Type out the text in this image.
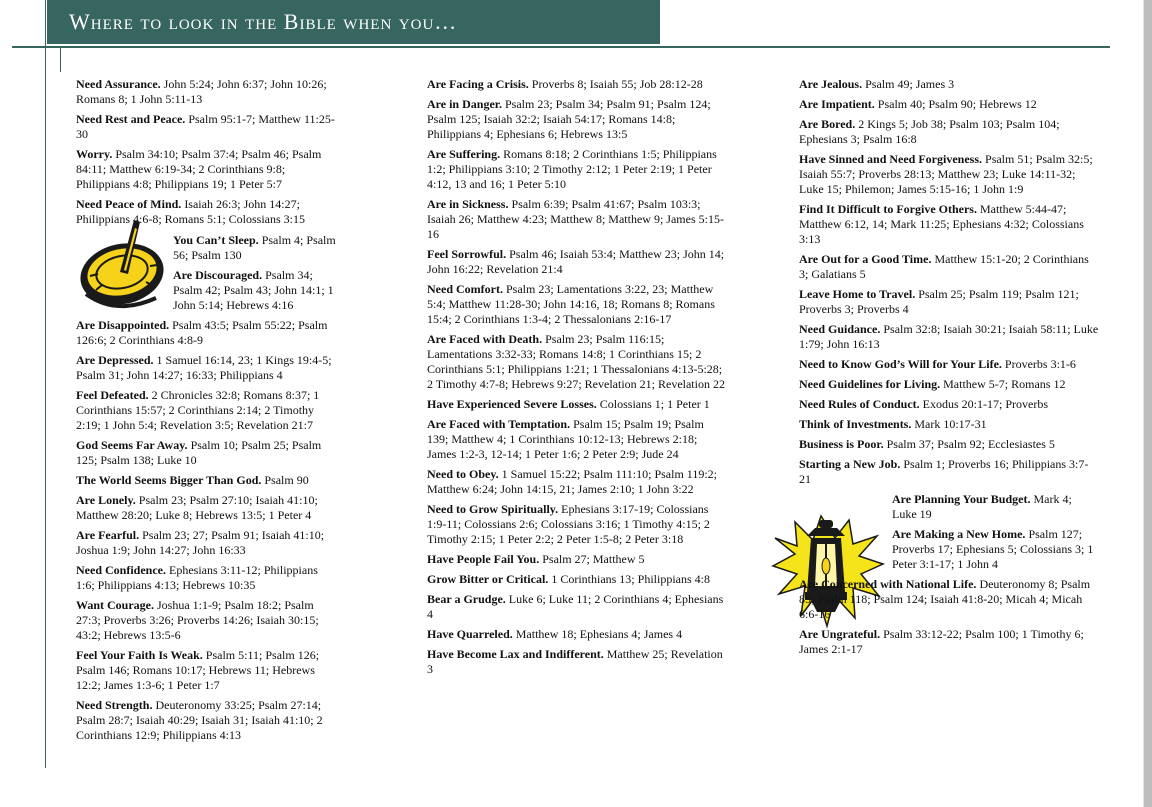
Where to look in the Bible when you…
Need Assurance. John 5:24; John 6:37; John 10:26; Romans 8; 1 John 5:11-13
Need Rest and Peace. Psalm 95:1-7; Matthew 11:25-30
Worry. Psalm 34:10; Psalm 37:4; Psalm 46; Psalm 84:11; Matthew 6:19-34; 2 Corinthians 9:8; Philippians 4:8; Philippians 19; 1 Peter 5:7
Need Peace of Mind. Isaiah 26:3; John 14:27; Philippians 4:6-8; Romans 5:1; Colossians 3:15
You Can’t Sleep. Psalm 4; Psalm 56; Psalm 130
Are Discouraged. Psalm 34; Psalm 42; Psalm 43; John 14:1; 1 John 5:14; Hebrews 4:16
Are Disappointed. Psalm 43:5; Psalm 55:22; Psalm 126:6; 2 Corinthians 4:8-9
Are Depressed. 1 Samuel 16:14, 23; 1 Kings 19:4-5; Psalm 31; John 14:27; 16:33; Philippians 4
Feel Defeated. 2 Chronicles 32:8; Romans 8:37; 1 Corinthians 15:57; 2 Corinthians 2:14; 2 Timothy 2:19; 1 John 5:4; Revelation 3:5; Revelation 21:7
God Seems Far Away. Psalm 10; Psalm 25; Psalm 125; Psalm 138; Luke 10
The World Seems Bigger Than God. Psalm 90
Are Lonely. Psalm 23; Psalm 27:10; Isaiah 41:10; Matthew 28:20; Luke 8; Hebrews 13:5; 1 Peter 4
Are Fearful. Psalm 23; 27; Psalm 91; Isaiah 41:10; Joshua 1:9; John 14:27; John 16:33
Need Confidence. Ephesians 3:11-12; Philippians 1:6; Philippians 4:13; Hebrews 10:35
Want Courage. Joshua 1:1-9; Psalm 18:2; Psalm 27:3; Proverbs 3:26; Proverbs 14:26; Isaiah 30:15; 43:2; Hebrews 13:5-6
Feel Your Faith Is Weak. Psalm 5:11; Psalm 126; Psalm 146; Romans 10:17; Hebrews 11; Hebrews 12:2; James 1:3-6; 1 Peter 1:7
Need Strength. Deuteronomy 33:25; Psalm 27:14; Psalm 28:7; Isaiah 40:29; Isaiah 31; Isaiah 41:10; 2 Corinthians 12:9; Philippians 4:13
Are Facing a Crisis. Proverbs 8; Isaiah 55; Job 28:12-28
Are in Danger. Psalm 23; Psalm 34; Psalm 91; Psalm 124; Psalm 125; Isaiah 32:2; Isaiah 54:17; Romans 14:8; Philippians 4; Ephesians 6; Hebrews 13:5
Are Suffering. Romans 8:18; 2 Corinthians 1:5; Philippians 1:2; Philippians 3:10; 2 Timothy 2:12; 1 Peter 2:19; 1 Peter 4:12, 13 and 16; 1 Peter 5:10
Are in Sickness. Psalm 6:39; Psalm 41:67; Psalm 103:3; Isaiah 26; Matthew 4:23; Matthew 8; Matthew 9; James 5:15-16
Feel Sorrowful. Psalm 46; Isaiah 53:4; Matthew 23; John 14; John 16:22; Revelation 21:4
Need Comfort. Psalm 23; Lamentations 3:22, 23; Matthew 5:4; Matthew 11:28-30; John 14:16, 18; Romans 8; Romans 15:4; 2 Corinthians 1:3-4; 2 Thessalonians 2:16-17
Are Faced with Death. Psalm 23; Psalm 116:15; Lamentations 3:32-33; Romans 14:8; 1 Corinthians 15; 2 Corinthians 5:1; Philippians 1:21; 1 Thessalonians 4:13-5:28; 2 Timothy 4:7-8; Hebrews 9:27; Revelation 21; Revelation 22
Have Experienced Severe Losses. Colossians 1; 1 Peter 1
Are Faced with Temptation. Psalm 15; Psalm 19; Psalm 139; Matthew 4; 1 Corinthians 10:12-13; Hebrews 2:18; James 1:2-3, 12-14; 1 Peter 1:6; 2 Peter 2:9; Jude 24
Need to Obey. 1 Samuel 15:22; Psalm 111:10; Psalm 119:2; Matthew 6:24; John 14:15, 21; James 2:10; 1 John 3:22
Need to Grow Spiritually. Ephesians 3:17-19; Colossians 1:9-11; Colossians 2:6; Colossians 3:16; 1 Timothy 4:15; 2 Timothy 2:15; 1 Peter 2:2; 2 Peter 1:5-8; 2 Peter 3:18
Have People Fail You. Psalm 27; Matthew 5
Grow Bitter or Critical. 1 Corinthians 13; Philippians 4:8
Bear a Grudge. Luke 6; Luke 11; 2 Corinthians 4; Ephesians 4
Have Quarreled. Matthew 18; Ephesians 4; James 4
Have Become Lax and Indifferent. Matthew 25; Revelation 3
Are Jealous. Psalm 49; James 3
Are Impatient. Psalm 40; Psalm 90; Hebrews 12
Are Bored. 2 Kings 5; Job 38; Psalm 103; Psalm 104; Ephesians 3; Psalm 16:8
Have Sinned and Need Forgiveness. Psalm 51; Psalm 32:5; Isaiah 55:7; Proverbs 28:13; Matthew 23; Luke 14:11-32; Luke 15; Philemon; James 5:15-16; 1 John 1:9
Find It Difficult to Forgive Others. Matthew 5:44-47; Matthew 6:12, 14; Mark 11:25; Ephesians 4:32; Colossians 3:13
Are Out for a Good Time. Matthew 15:1-20; 2 Corinthians 3; Galatians 5
Leave Home to Travel. Psalm 25; Psalm 119; Psalm 121; Proverbs 3; Proverbs 4
Need Guidance. Psalm 32:8; Isaiah 30:21; Isaiah 58:11; Luke 1:79; John 16:13
Need to Know God’s Will for Your Life. Proverbs 3:1-6
Need Guidelines for Living. Matthew 5-7; Romans 12
Need Rules of Conduct. Exodus 20:1-17; Proverbs
Think of Investments. Mark 10:17-31
Business is Poor. Psalm 37; Psalm 92; Ecclesiastes 5
Starting a New Job. Psalm 1; Proverbs 16; Philippians 3:7-21
Are Planning Your Budget. Mark 4; Luke 19
Are Making a New Home. Psalm 127; Proverbs 17; Ephesians 5; Colossians 3; 1 Peter 3:1-17; 1 John 4
Are Concerned with National Life. Deuteronomy 8; Psalm 85; Psalm 118; Psalm 124; Isaiah 41:8-20; Micah 4; Micah 6:6-16
Are Ungrateful. Psalm 33:12-22; Psalm 100; 1 Timothy 6; James 2:1-17
